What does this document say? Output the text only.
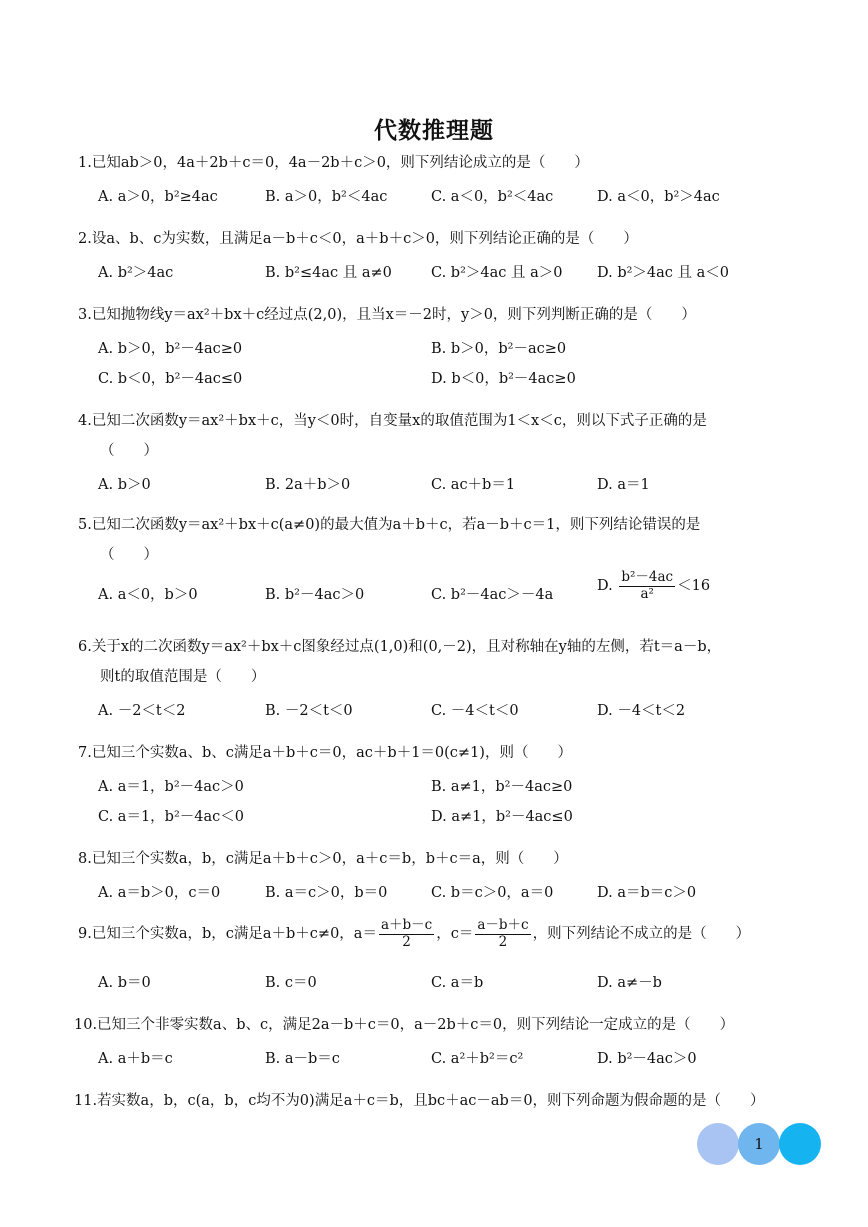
代数推理题
1.已知ab＞0，4a＋2b＋c＝0，4a－2b＋c＞0，则下列结论成立的是（　　）
A. a＞0，b²≥4ac	B. a＞0，b²＜4ac	C. a＜0，b²＜4ac	D. a＜0，b²＞4ac
2.设a、b、c为实数，且满足a－b＋c＜0，a＋b＋c＞0，则下列结论正确的是（　　）
A. b²＞4ac	B. b²≤4ac 且 a≠0	C. b²＞4ac 且 a＞0 D. b²＞4ac 且 a＜0
3.已知抛物线y＝ax²＋bx＋c经过点(2,0)，且当x＝－2时，y＞0，则下列判断正确的是（　　）
A. b＞0，b²－4ac≥0	B. b＞0，b²－ac≥0
C. b＜0，b²－4ac≤0	D. b＜0，b²－4ac≥0
4.已知二次函数y＝ax²＋bx＋c，当y＜0时，自变量x的取值范围为1＜x＜c，则以下式子正确的是
（　　）
A. b＞0	B. 2a＋b＞0	C. ac＋b＝1	D. a＝1
5.已知二次函数y＝ax²＋bx＋c(a≠0)的最大值为a＋b＋c，若a－b＋c＝1，则下列结论错误的是
（　　）
A. a＜0，b＞0	B. b²－4ac＞0	C. b²－4ac＞－4a
D. $\frac{\text{b²－4ac}}{\text{a²}} <16$
6.关于x的二次函数y＝ax²＋bx＋c图象经过点(1,0)和(0,－2)，且对称轴在y轴的左侧，若t＝a－b，
则t的取值范围是（　　）
A. －2＜t＜2	B. －2＜t＜0	C. －4＜t＜0	D. －4＜t＜2
7.已知三个实数a、b、c满足a＋b＋c＝0，ac＋b＋1＝0(c≠1)，则（　　）
A. a＝1，b²－4ac＞0	B. a≠1，b²－4ac≥0
C. a＝1，b²－4ac＜0	D. a≠1，b²－4ac≤0
8.已知三个实数a，b，c满足a＋b＋c＞0，a＋c＝b，b＋c＝a，则（　　）
A. a＝b＞0，c＝0	B. a＝c＞0，b＝0	C. b＝c＞0，a＝0	D. a＝b＝c＞0
9.已知三个实数a，b，c满足a＋b＋c≠0，$a= \frac{a+b-c}{2}$ ，$c= \frac{a-b+c}{2}$ ，则下列结论不成立的是（　　）
A. b＝0	B. c＝0	C. a＝b	D. a≠－b
10.已知三个非零实数a、b、c，满足2a－b＋c＝0，a－2b＋c＝0，则下列结论一定成立的是（　　）
A. a＋b＝c	B. a－b＝c	C. a²＋b²＝c²	D. b²－4ac＞0
11.若实数a，b，c(a，b，c均不为0)满足a＋c＝b，且bc＋ac－ab＝0，则下列命题为假命题的是（　　）
1
